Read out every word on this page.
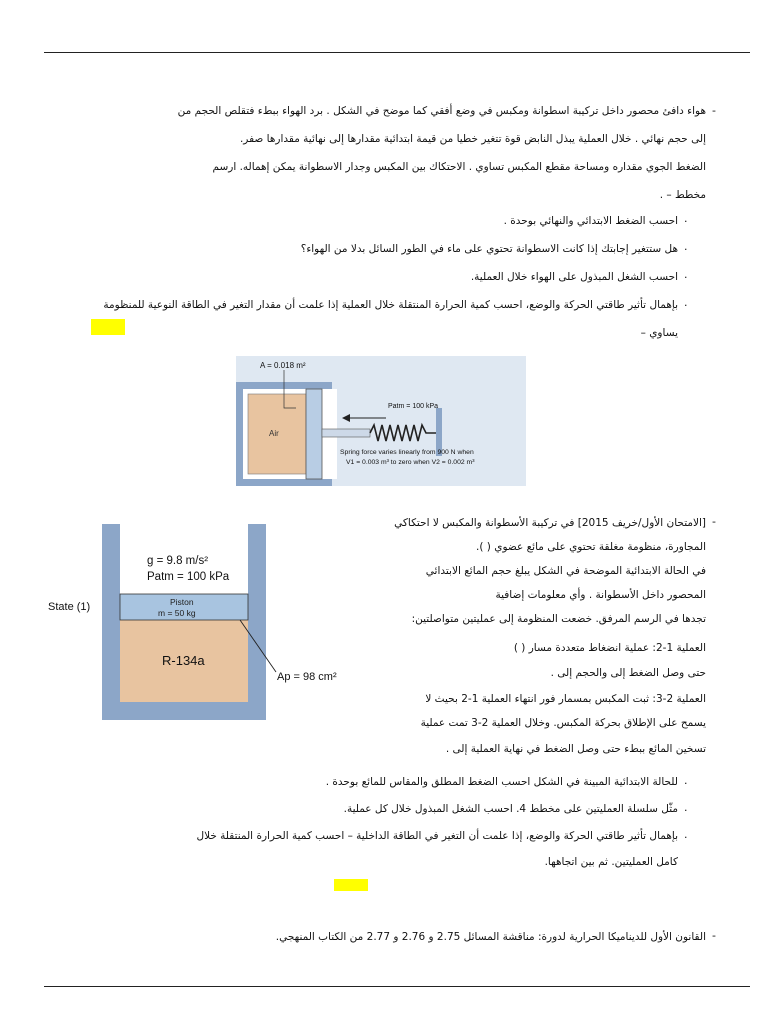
-
هواء دافئ محصور داخل تركيبة اسطوانة ومكبس في وضع أفقي كما موضح في الشكل . برد الهواء ببطء فتقلص الحجم من
إلى حجم نهائي . خلال العملية يبذل النابض قوة تتغير خطيا من قيمة ابتدائية مقدارها إلى نهائية مقدارها صفر.
الضغط الجوي مقداره ومساحة مقطع المكبس تساوي . الاحتكاك بين المكبس وجدار الاسطوانة يمكن إهماله. ارسم
مخطط – .
.
احسب الضغط الابتدائي والنهائي بوحدة .
.
هل ستتغير إجابتك إذا كانت الاسطوانة تحتوي على ماء في الطور السائل بدلا من الهواء؟
.
احسب الشغل المبذول على الهواء خلال العملية.
.
بإهمال تأثير طاقتي الحركة والوضع، احسب كمية الحرارة المنتقلة خلال العملية إذا علمت أن مقدار التغير في الطاقة النوعية للمنظومة
يساوي –
A = 0.018 m²
Air
Patm = 100 kPa
Spring force varies linearly from 900 N when
V1 = 0.003 m³ to zero when V2 = 0.002 m³
g = 9.8 m/s²
Patm = 100 kPa
Piston
m = 50 kg
R-134a
State (1)
Ap = 98 cm²
-
[الامتحان الأول/خريف 2015] في تركيبة الأسطوانة والمكبس لا احتكاكي
المجاورة، منظومة مغلقة تحتوي على مائع عضوي ( ).
في الحالة الابتدائية الموضحة في الشكل يبلغ حجم المائع الابتدائي
المحصور داخل الأسطوانة . وأي معلومات إضافية
تجدها في الرسم المرفق. خضعت المنظومة إلى عمليتين متواصلتين:
العملية 1-2: عملية انضغاط متعددة مسار ( )
حتى وصل الضغط إلى والحجم إلى .
العملية 2-3: ثبت المكبس بمسمار فور انتهاء العملية 1-2 بحيث لا
يسمح على الإطلاق بحركة المكبس. وخلال العملية 2-3 تمت عملية
تسخين المائع ببطء حتى وصل الضغط في نهاية العملية إلى .
.
للحالة الابتدائية المبينة في الشكل احسب الضغط المطلق والمقاس للمائع بوحدة .
.
مثّل سلسلة العمليتين على مخطط 4. احسب الشغل المبذول خلال كل عملية.
.
بإهمال تأثير طاقتي الحركة والوضع، إذا علمت أن التغير في الطاقة الداخلية – احسب كمية الحرارة المنتقلة خلال
كامل العمليتين. ثم بين اتجاهها.
-
القانون الأول للديناميكا الحرارية لدورة: مناقشة المسائل 2.75 و 2.76 و 2.77 من الكتاب المنهجي.
